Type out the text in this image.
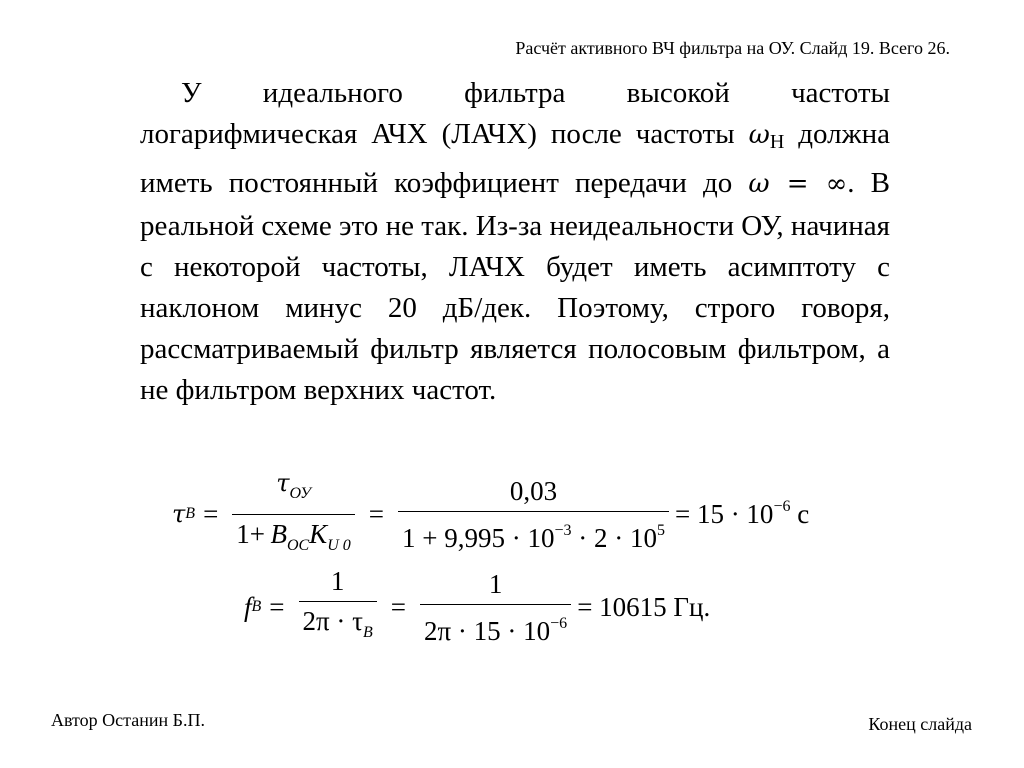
Расчёт активного ВЧ фильтра на ОУ. Слайд 19. Всего 26.
У идеального фильтра высокой частоты логарифмическая АЧХ (ЛАЧХ) после частоты $\omega_Н$ должна иметь постоянный коэффициент передачи до ω = ∞. В реальной схеме это не так. Из-за неидеальности ОУ, начиная с некоторой частоты, ЛАЧХ будет иметь асимптоту с наклоном минус 20 дБ/дек. Поэтому, строго говоря, рассматриваемый фильтр является полосовым фильтром, а не фильтром верхних частот.
τ $В = \frac{\tau_{ОУ}}{1+ B_{ОС}K_{U 0}} = \frac{0,03}{1 + 9,995 \cdot 10^{-3} \cdot 2 \cdot 10^5} = 15 \cdot 10^{-6}$ с
f $В = \frac{1}{2\pi \cdot \tau_В} = \frac{1}{2\pi \cdot 15 \cdot 10^{-6}} = 10615$ Гц.
Автор Останин Б.П.	Конец слайда
